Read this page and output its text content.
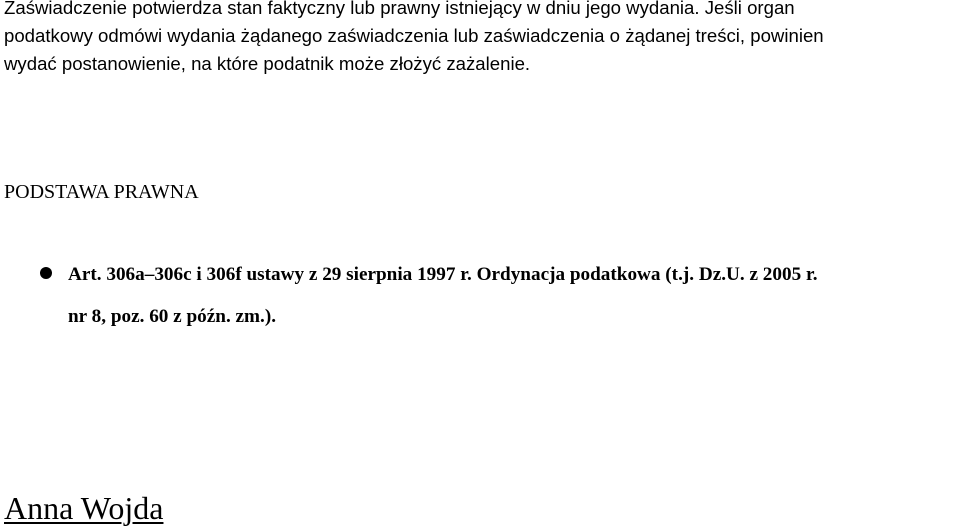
Zaświadczenie potwierdza stan faktyczny lub prawny istniejący w dniu jego wydania. Jeśli organ
podatkowy odmówi wydania żądanego zaświadczenia lub zaświadczenia o żądanej treści, powinien
wydać postanowienie, na które podatnik może złożyć zażalenie.

PODSTAWA PRAWNA
Art. 306a–306c i 306f ustawy z 29 sierpnia 1997 r. Ordynacja podatkowa (t.j. Dz.U. z 2005 r.
nr 8, poz. 60 z późn. zm.).

Anna Wojda
